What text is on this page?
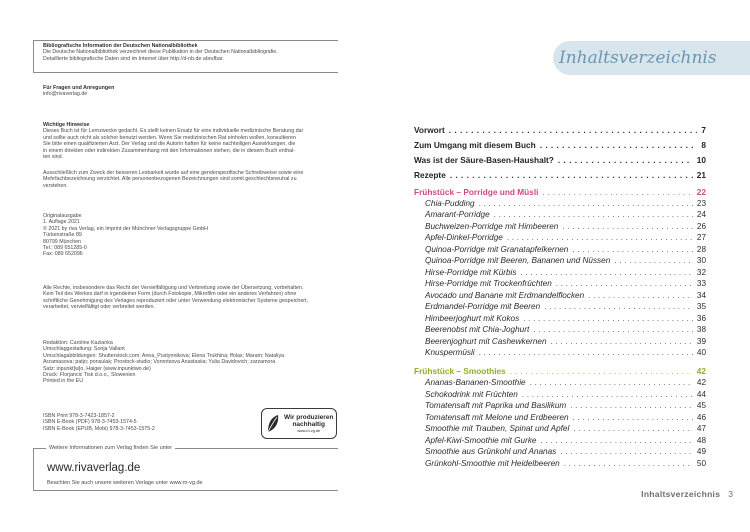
Bibliografische Information der Deutschen Nationalbibliothek
Die Deutsche Nationalbibliothek verzeichnet diese Publikation in der Deutschen Nationalbibliografie.
Detaillierte bibliografische Daten sind im Internet über http://d-nb.de abrufbar.
Für Fragen und Anregungen
info@rivaverlag.de
Wichtige Hinweise
Dieses Buch ist für Lernzwecke gedacht. Es stellt keinen Ersatz für eine individuelle medizinische Beratung dar
und sollte auch nicht als solcher benutzt werden. Wenn Sie medizinischen Rat einholen wollen, konsultieren
Sie bitte einen qualifizierten Arzt. Der Verlag und die Autorin haften für keine nachteiligen Auswirkungen, die
in einem direkten oder indirekten Zusammenhang mit den Informationen stehen, die in diesem Buch enthal-
ten sind.
Ausschließlich zum Zweck der besseren Lesbarkeit wurde auf eine genderspezifische Schreibweise sowie eine
Mehrfachbezeichnung verzichtet. Alle personenbezogenen Bezeichnungen sind somit geschlechtsneutral zu
verstehen.
Originalausgabe
1. Auflage 2021
© 2021 by riva Verlag, ein Imprint der Münchner Verlagsgruppe GmbH
Türkenstraße 89
80799 München
Tel.: 089 651285-0
Fax: 089 652096
Alle Rechte, insbesondere das Recht der Vervielfältigung und Verbreitung sowie der Übersetzung, vorbehalten.
Kein Teil des Werkes darf in irgendeiner Form (durch Fotokopie, Mikrofilm oder ein anderes Verfahren) ohne
schriftliche Genehmigung des Verlages reproduziert oder unter Verwendung elektronischer Systeme gespeichert,
verarbeitet, vervielfältigt oder verbreitet werden.
Redaktion: Caroline Kazianka
Umschlaggestaltung: Sonja Vallant
Umschlagabbildungen: Shutterstock.com: Anna_Pustynnikova; Elena Trukhina; ffolas; Maram; Nataliya
Arzamasova; patjo; ponsulak; Prostock-studio; Vorontsova Anastasiia; Yulia Davidovich; zarzamora
Satz: inpunkt[w]o, Haiger (www.inpunktwo.de)
Druck: Florjancic Tisk d.o.o., Slowenien
Printed in the EU
ISBN Print 978-3-7423-1857-2
ISBN E-Book (PDF) 978-3-7453-1574-5
ISBN E-Book (EPUB, Mobi) 978-3-7453-1575-2
Wir produzieren
nachhaltig
www.m-vg.de
Weitere Informationen zum Verlag finden Sie unter
www.rivaverlag.de
Beachten Sie auch unsere weiteren Verlage unter www.m-vg.de
Inhaltsverzeichnis
Vorwort . . .	7
Zum Umgang mit diesem Buch . . .	8
Was ist der Säure-Basen-Haushalt? . . .	10
Rezepte . . .	21
Frühstück – Porridge und Müsli . . .	22
Chia-Pudding . . .	23
Amarant-Porridge . . .	24
Buchweizen-Porridge mit Himbeeren . . .	26
Apfel-Dinkel-Porridge . . .	27
Quinoa-Porridge mit Granatapfelkernen . . .	28
Quinoa-Porridge mit Beeren, Bananen und Nüssen . . .	30
Hirse-Porridge mit Kürbis . . .	32
Hirse-Porridge mit Trockenfrüchten . . .	33
Avocado und Banane mit Erdmandelflocken . . .	34
Erdmandel-Porridge mit Beeren . . .	35
Himbeerjoghurt mit Kokos . . .	36
Beerenobst mit Chia-Joghurt . . .	38
Beerenjoghurt mit Cashewkernen . . .	39
Knuspermüsli . . .	40
Frühstück – Smoothies . . .	42
Ananas-Bananen-Smoothie . . .	42
Schokodrink mit Früchten . . .	44
Tomatensaft mit Paprika und Basilikum . . .	45
Tomatensaft mit Melone und Erdbeeren . . .	46
Smoothie mit Trauben, Spinat und Apfel . . .	47
Apfel-Kiwi-Smoothie mit Gurke . . .	48
Smoothie aus Grünkohl und Ananas . . .	49
Grünkohl-Smoothie mit Heidelbeeren . . .	50
Inhaltsverzeichnis 3
